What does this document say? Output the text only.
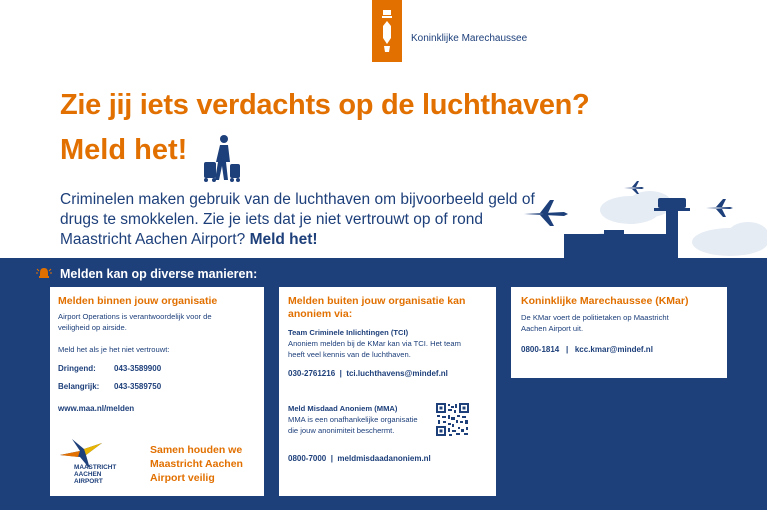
Koninklijke Marechaussee
Zie jij iets verdachts op de luchthaven?
Meld het!
Criminelen maken gebruik van de luchthaven om bijvoorbeeld geld of drugs te smokkelen. Zie je iets dat je niet vertrouwt op of rond Maastricht Aachen Airport? Meld het!
Melden kan op diverse manieren:
Melden binnen jouw organisatie
Airport Operations is verantwoordelijk voor de veiligheid op airside.
Meld het als je het niet vertrouwt:
Dringend: 043-3589900
Belangrijk: 043-3589750
www.maa.nl/melden
MAASTRICHT
AACHEN
AIRPORT
Samen houden we Maastricht Aachen Airport veilig
Melden buiten jouw organisatie kan anoniem via:
Team Criminele Inlichtingen (TCI)
Anoniem melden bij de KMar kan via TCI. Het team heeft veel kennis van de luchthaven.
030-2761216 | tci.luchthavens@mindef.nl
Meld Misdaad Anoniem (MMA)
MMA is een onafhankelijke organisatie die jouw anonimiteit beschermt.
0800-7000 | meldmisdaadanoniem.nl
Koninklijke Marechaussee (KMar)
De KMar voert de politietaken op Maastricht Aachen Airport uit.
0800-1814 | kcc.kmar@mindef.nl
